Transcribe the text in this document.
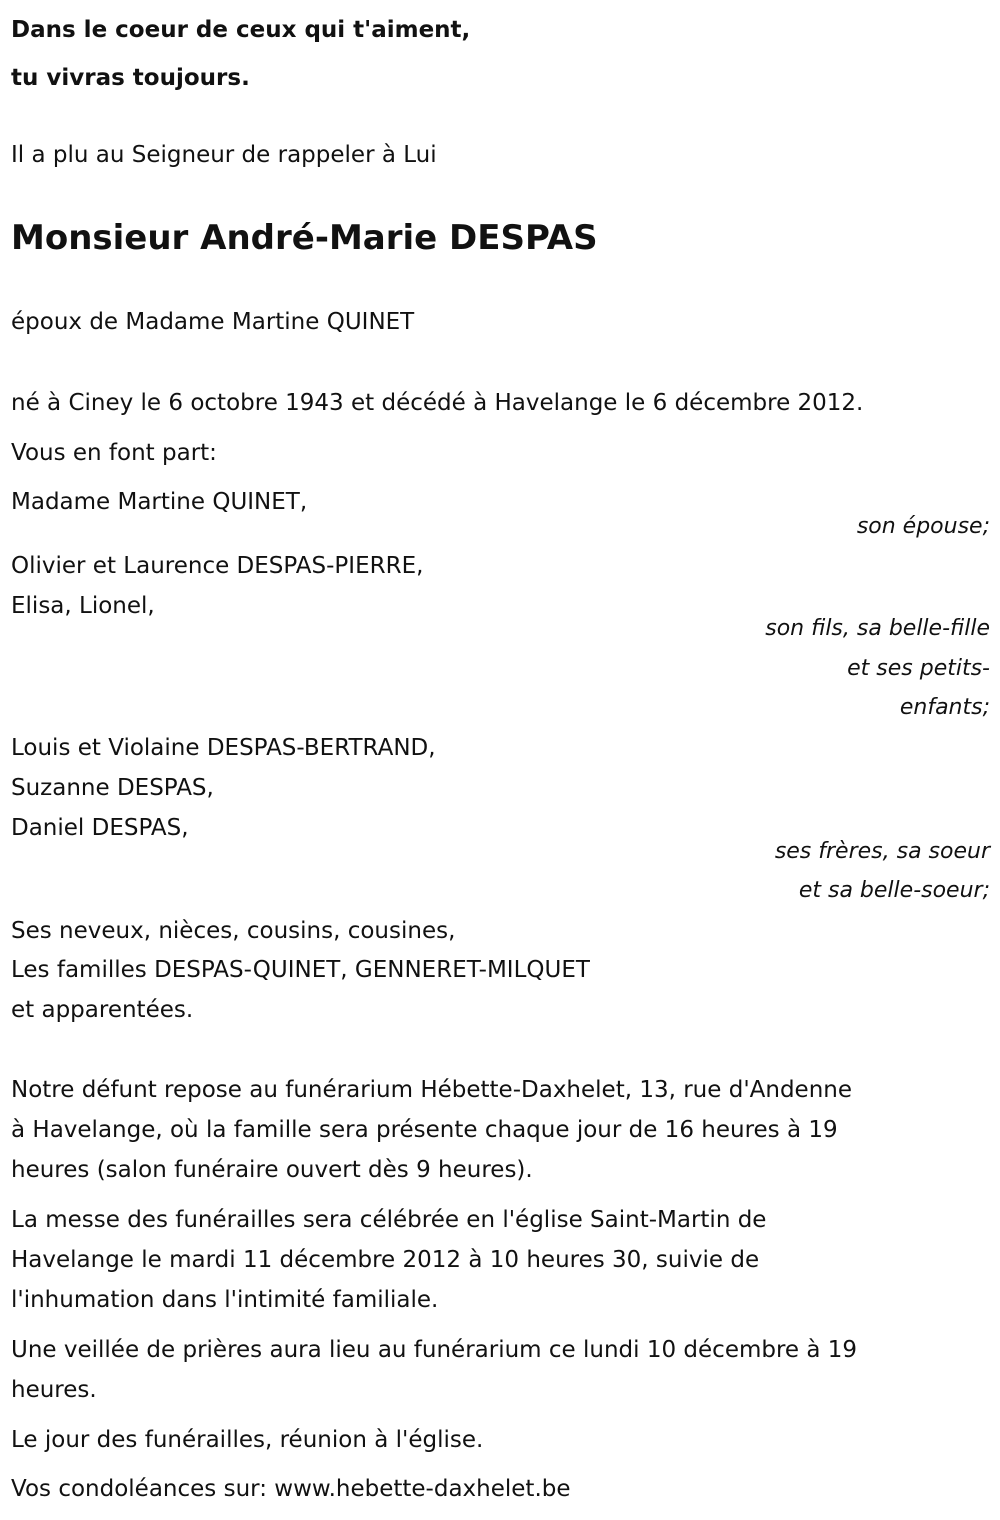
Dans le coeur de ceux qui t'aiment,
tu vivras toujours.
Il a plu au Seigneur de rappeler à Lui
Monsieur André-Marie DESPAS
époux de Madame Martine QUINET
né à Ciney le 6 octobre 1943 et décédé à Havelange le 6 décembre 2012.
Vous en font part:
Madame Martine QUINET,
son épouse;
Olivier et Laurence DESPAS-PIERRE,
Elisa, Lionel,
son fils, sa belle-fille
et ses petits-
enfants;
Louis et Violaine DESPAS-BERTRAND,
Suzanne DESPAS,
Daniel DESPAS,
ses frères, sa soeur
et sa belle-soeur;
Ses neveux, nièces, cousins, cousines,
Les familles DESPAS-QUINET, GENNERET-MILQUET
et apparentées.
Notre défunt repose au funérarium Hébette-Daxhelet, 13, rue d'Andenne
à Havelange, où la famille sera présente chaque jour de 16 heures à 19
heures (salon funéraire ouvert dès 9 heures).
La messe des funérailles sera célébrée en l'église Saint-Martin de
Havelange le mardi 11 décembre 2012 à 10 heures 30, suivie de
l'inhumation dans l'intimité familiale.
Une veillée de prières aura lieu au funérarium ce lundi 10 décembre à 19
heures.
Le jour des funérailles, réunion à l'église.
Vos condoléances sur: www.hebette-daxhelet.be
